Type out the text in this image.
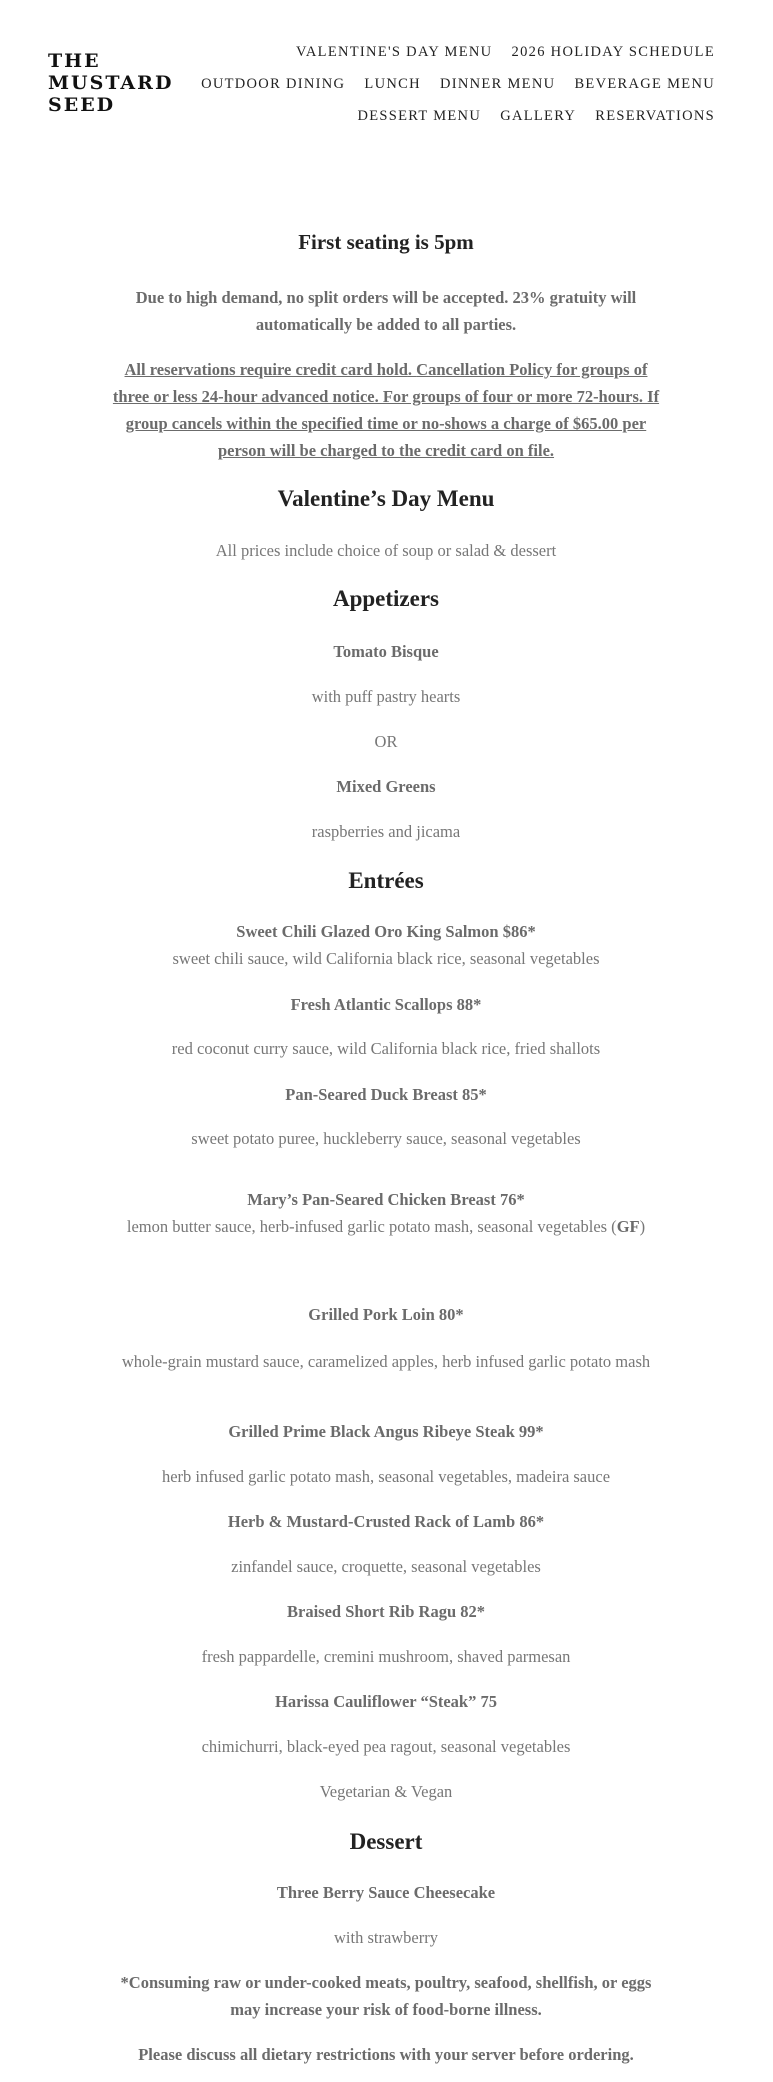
THE
MUSTARD
SEED
VALENTINE'S DAY MENU 2026 HOLIDAY SCHEDULE
OUTDOOR DINING LUNCH DINNER MENU BEVERAGE MENU
DESSERT MENU GALLERY RESERVATIONS
First seating is 5pm
Due to high demand, no split orders will be accepted. 23% gratuity will automatically be added to all parties.
All reservations require credit card hold. Cancellation Policy for groups of three or less 24-hour advanced notice. For groups of four or more 72-hours. If group cancels within the specified time or no-shows a charge of $65.00 per person will be charged to the credit card on file.
Valentine’s Day Menu
All prices include choice of soup or salad & dessert
Appetizers
Tomato Bisque
with puff pastry hearts
OR
Mixed Greens
raspberries and jicama
Entrées
Sweet Chili Glazed Oro King Salmon $86*
sweet chili sauce, wild California black rice, seasonal vegetables
Fresh Atlantic Scallops 88*
red coconut curry sauce, wild California black rice, fried shallots
Pan-Seared Duck Breast 85*
sweet potato puree, huckleberry sauce, seasonal vegetables
Mary’s Pan-Seared Chicken Breast 76*
lemon butter sauce, herb-infused garlic potato mash, seasonal vegetables (GF)
Grilled Pork Loin 80*
whole-grain mustard sauce, caramelized apples, herb infused garlic potato mash
Grilled Prime Black Angus Ribeye Steak 99*
herb infused garlic potato mash, seasonal vegetables, madeira sauce
Herb & Mustard-Crusted Rack of Lamb 86*
zinfandel sauce, croquette, seasonal vegetables
Braised Short Rib Ragu 82*
fresh pappardelle, cremini mushroom, shaved parmesan
Harissa Cauliflower “Steak” 75
chimichurri, black-eyed pea ragout, seasonal vegetables
Vegetarian & Vegan
Dessert
Three Berry Sauce Cheesecake
with strawberry
*Consuming raw or under-cooked meats, poultry, seafood, shellfish, or eggs may increase your risk of food-borne illness.
Please discuss all dietary restrictions with your server before ordering.
